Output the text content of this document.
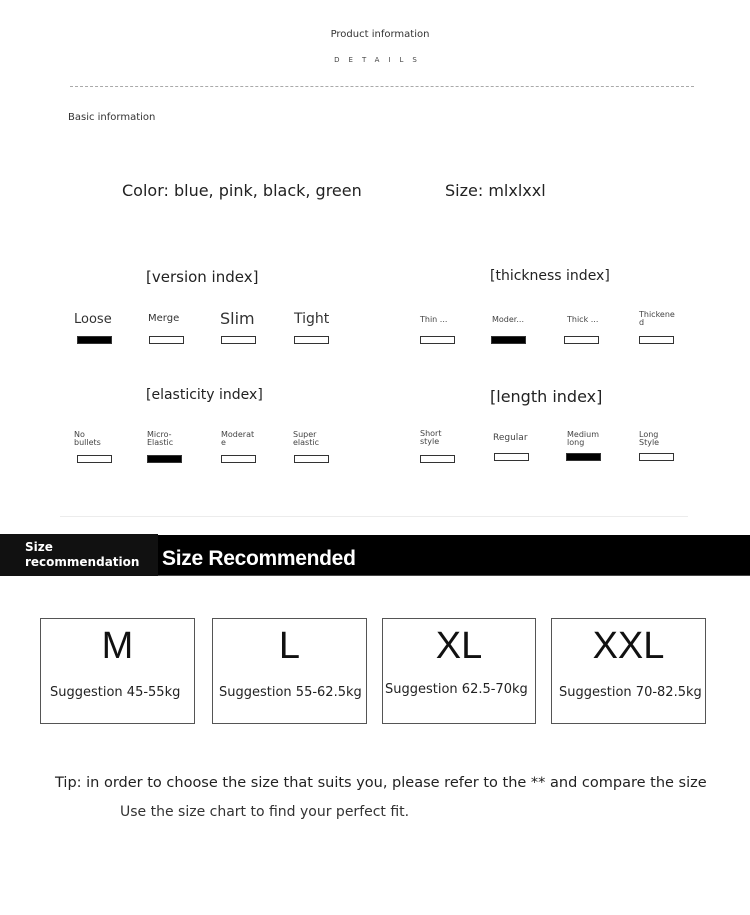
Product information
DETAILS
Basic information
Color: blue, pink, black, green	Size: mlxlxxl
[version index]
Loose	Merge	Slim	Tight
[thickness index]
Thin ...	Moder...	Thick ...
Thickene d
[elasticity index]
No bullets
Micro-Elastic
Moderat e
Super elastic
[length index]
Short style	Regular	Medium long
Long Style
Size recommendation	Size Recommended
M
Suggestion 45-55kg
L
Suggestion 55-62.5kg
XL
Suggestion 62.5-70kg
XXL
Suggestion 70-82.5kg
Tip: in order to choose the size that suits you, please refer to the ** and compare the size
Use the size chart to find your perfect fit.
